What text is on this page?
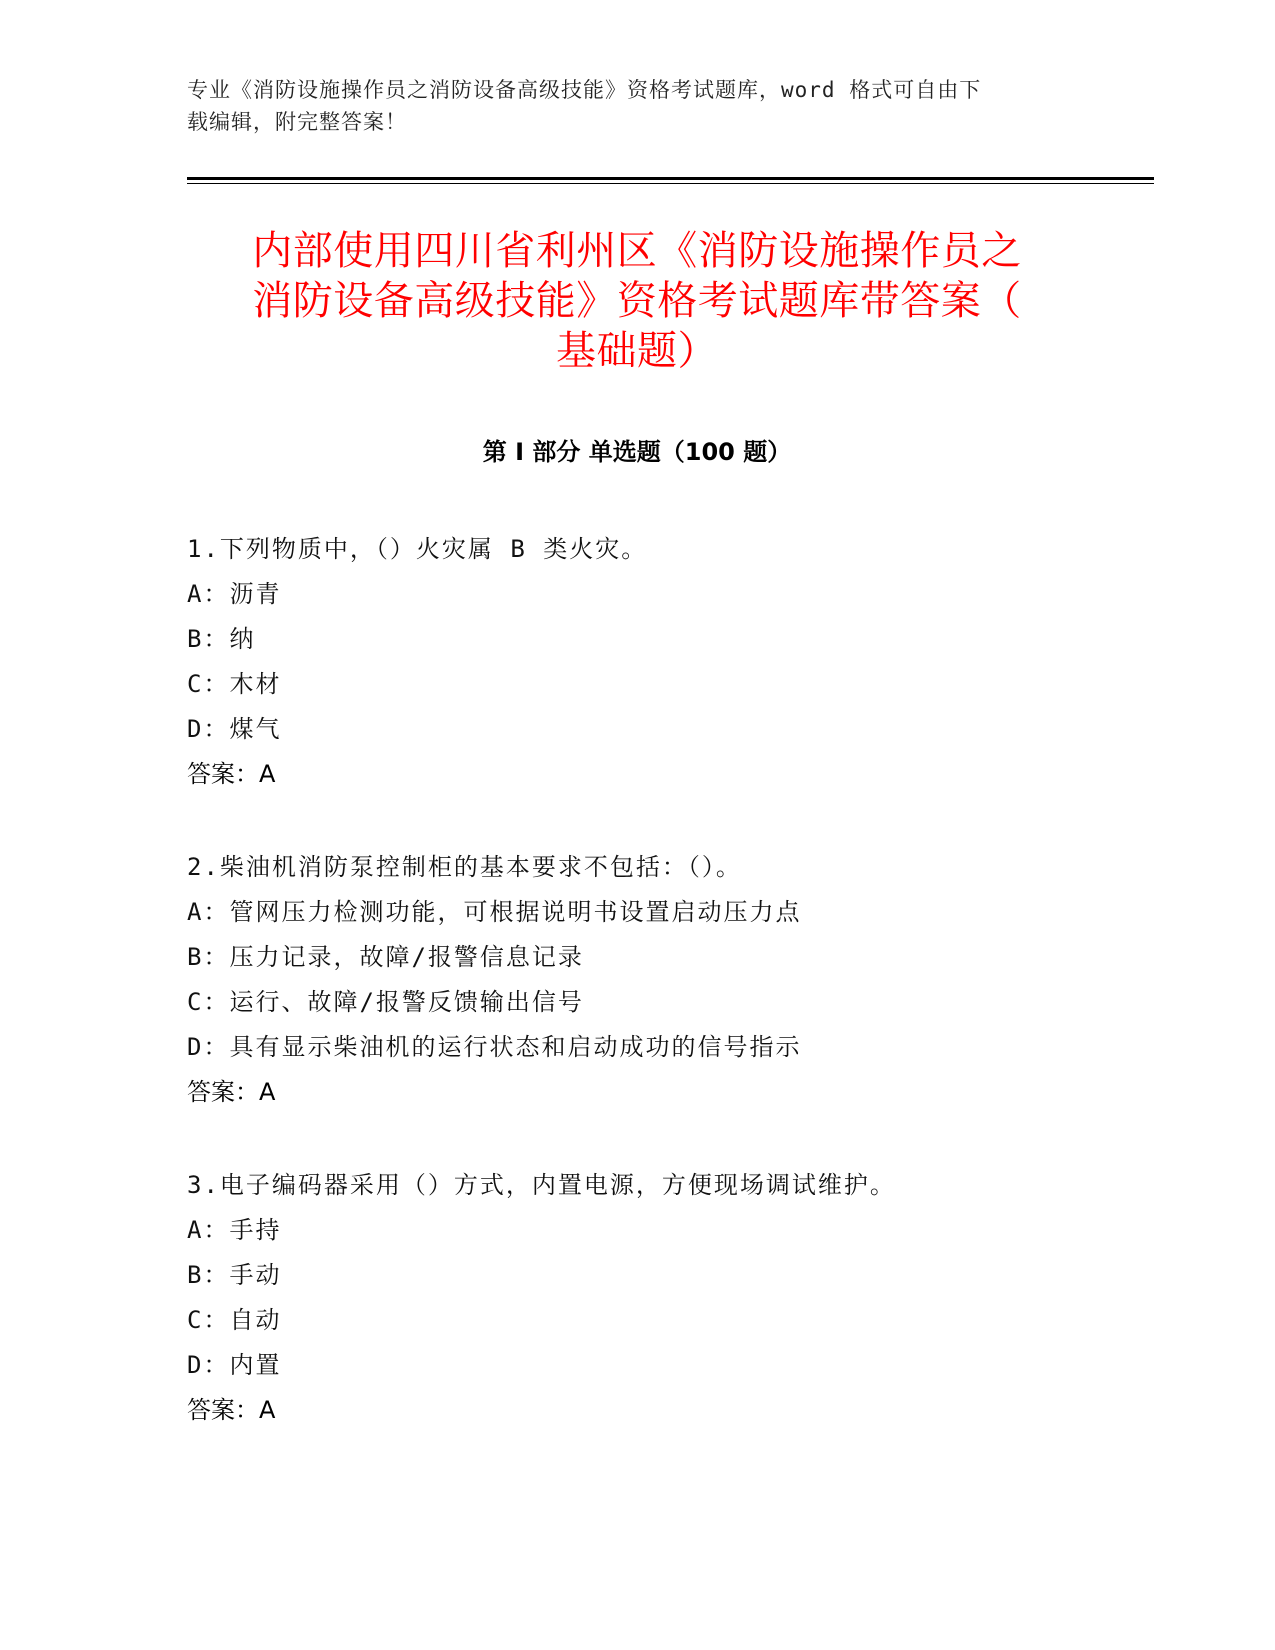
专业《消防设施操作员之消防设备高级技能》资格考试题库，word 格式可自由下
载编辑，附完整答案！
内部使用四川省利州区《消防设施操作员之
消防设备高级技能》资格考试题库带答案（
基础题）
第 I 部分 单选题（100 题）
1.下列物质中，（）火灾属 B 类火灾。
A：沥青
B：纳
C：木材
D：煤气
答案：A
2.柴油机消防泵控制柜的基本要求不包括：（）。
A：管网压力检测功能，可根据说明书设置启动压力点
B：压力记录，故障/报警信息记录
C：运行、故障/报警反馈输出信号
D：具有显示柴油机的运行状态和启动成功的信号指示
答案：A
3.电子编码器采用（）方式，内置电源，方便现场调试维护。
A：手持
B：手动
C：自动
D：内置
答案：A
